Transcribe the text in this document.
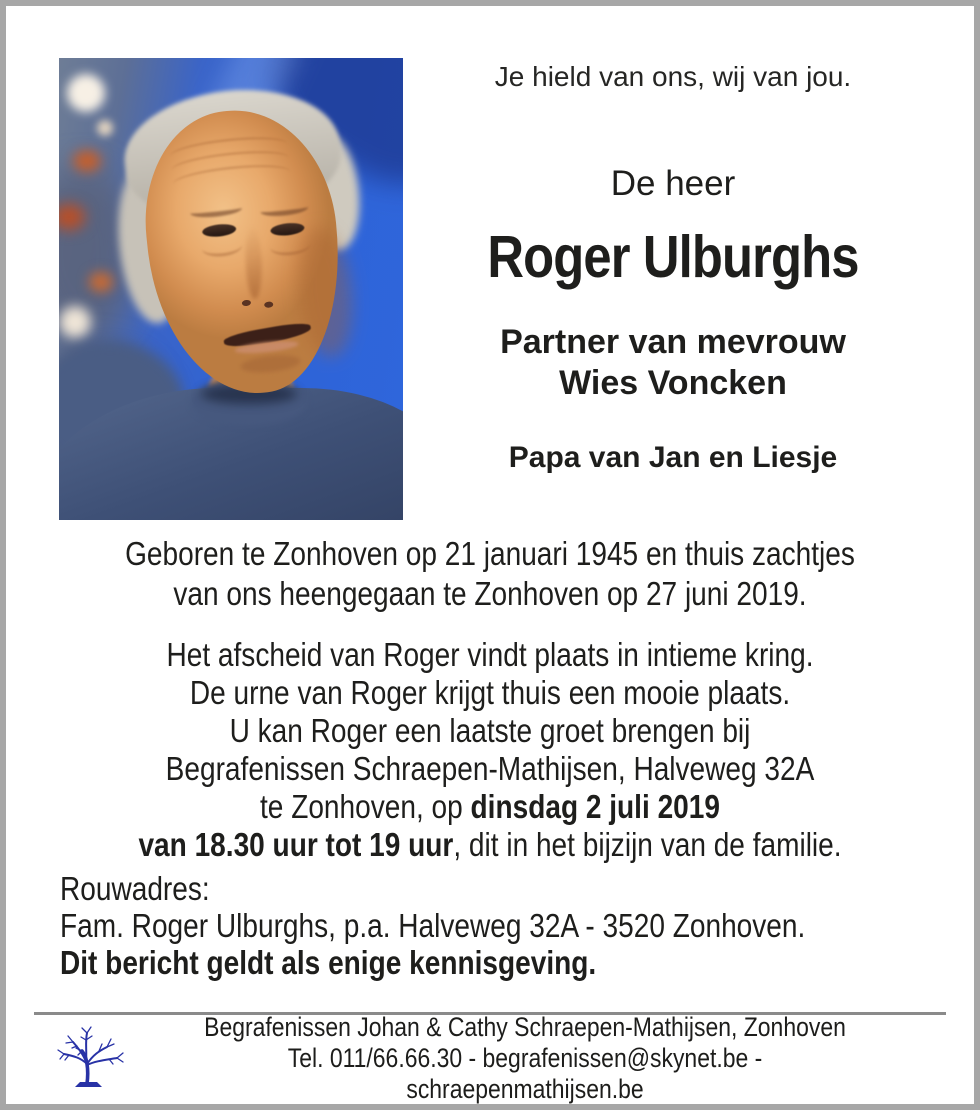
Je hield van ons, wij van jou.
De heer
Roger Ulburghs
Partner van mevrouw
Wies Voncken
Papa van Jan en Liesje
Geboren te Zonhoven op 21 januari 1945 en thuis zachtjes
van ons heengegaan te Zonhoven op 27 juni 2019.
Het afscheid van Roger vindt plaats in intieme kring.
De urne van Roger krijgt thuis een mooie plaats.
U kan Roger een laatste groet brengen bij
Begrafenissen Schraepen-Mathijsen, Halveweg 32A
te Zonhoven, op dinsdag 2 juli 2019
van 18.30 uur tot 19 uur, dit in het bijzijn van de familie.
Rouwadres:
Fam. Roger Ulburghs, p.a. Halveweg 32A - 3520 Zonhoven.
Dit bericht geldt als enige kennisgeving.
Begrafenissen Johan & Cathy Schraepen-Mathijsen, Zonhoven
Tel. 011/66.66.30 - begrafenissen@skynet.be - schraepenmathijsen.be
